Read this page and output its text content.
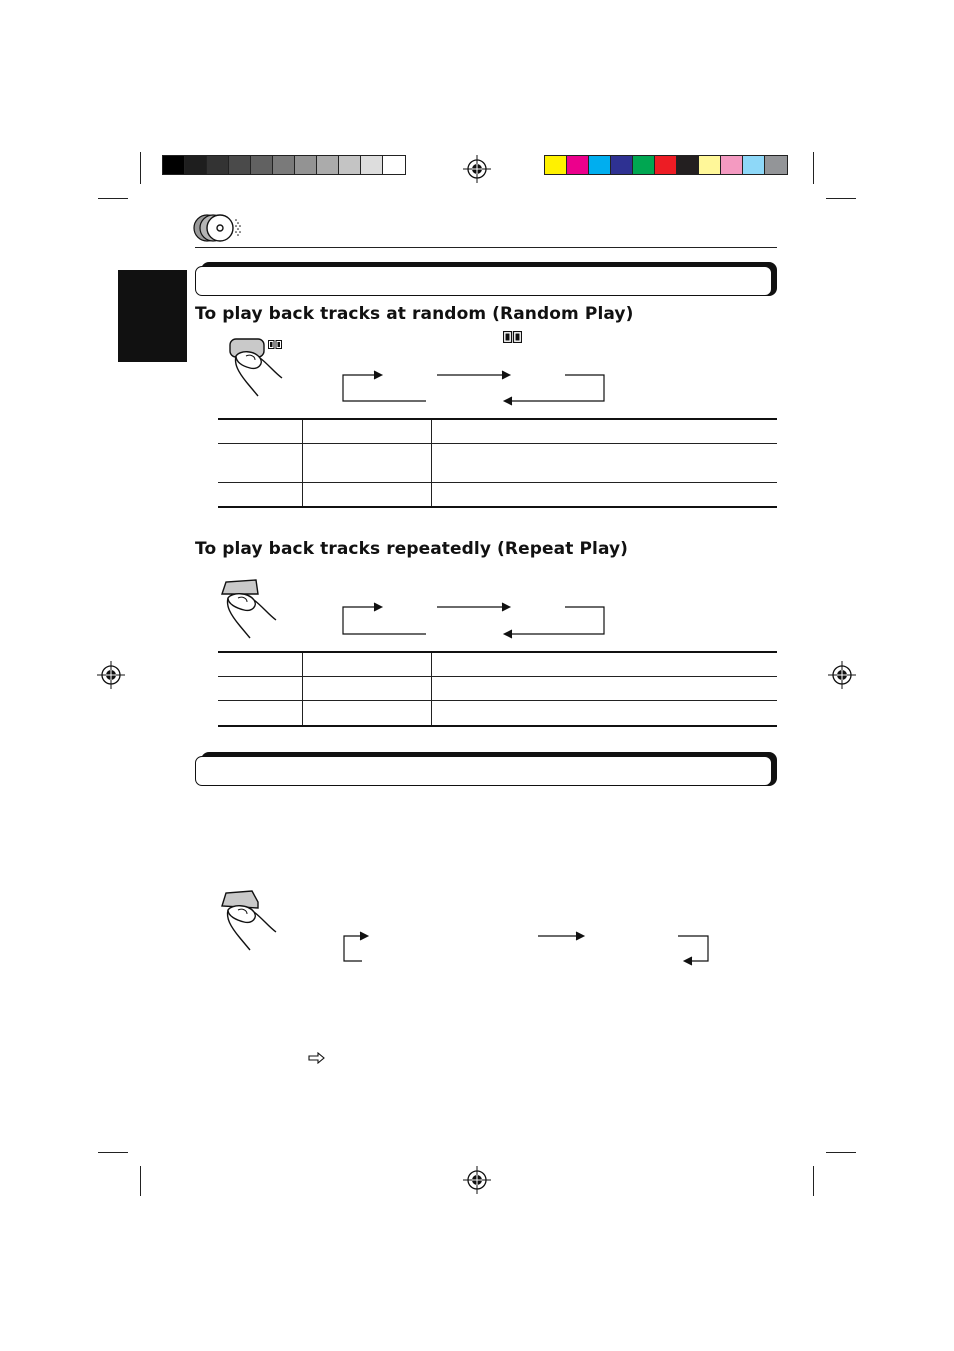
To play back tracks at random (Random Play)

To play back tracks repeatedly (Repeat Play)
